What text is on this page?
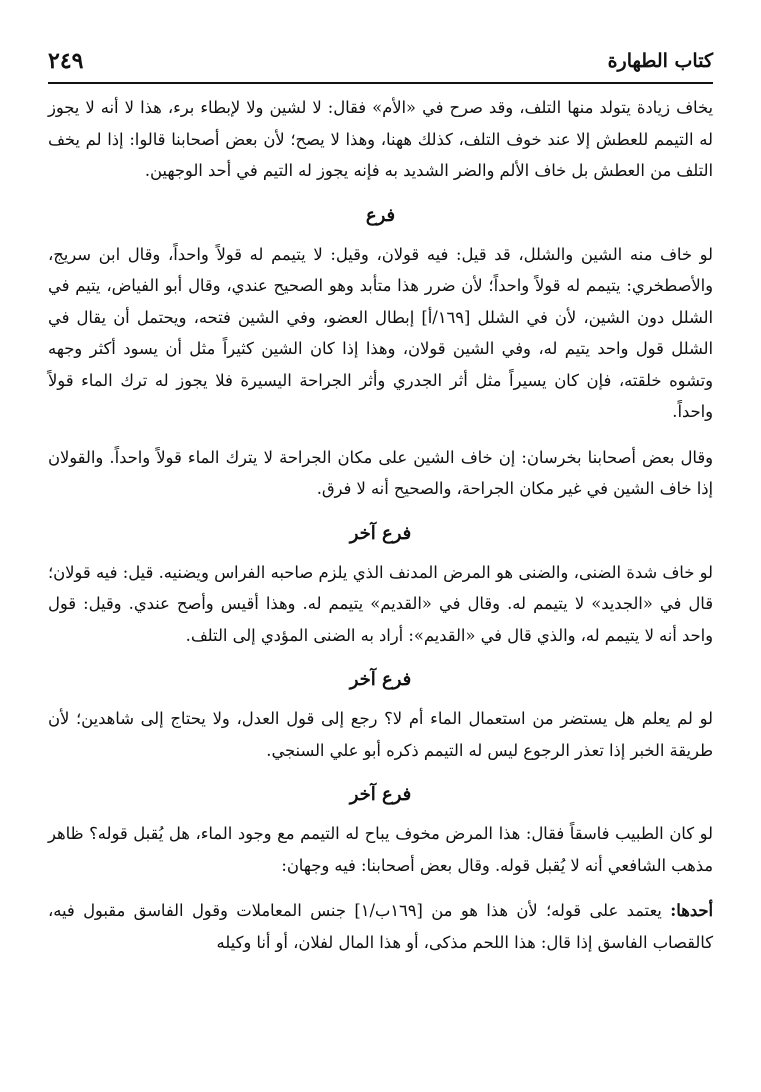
٢٤٩	كتاب الطهارة

يخاف زيادة يتولد منها التلف، وقد صرح في «الأم» فقال: لا لشين ولا لإبطاء برء، هذا لا أنه لا يجوز له التيمم للعطش إلا عند خوف التلف، كذلك ههنا، وهذا لا يصح؛ لأن بعض أصحابنا قالوا: إذا لم يخف التلف من العطش بل خاف الألم والضر الشديد به فإنه يجوز له التيم في أحد الوجهين.

فرع

لو خاف منه الشين والشلل، قد قيل: فيه قولان، وقيل: لا يتيمم له قولاً واحداً، وقال ابن سريج، والأصطخري: يتيمم له قولاً واحداً؛ لأن ضرر هذا متأبد وهو الصحيح عندي، وقال أبو الفياض، يتيم في الشلل دون الشين، لأن في الشلل [١٦٩/أ] إبطال العضو، وفي الشين فتحه، ويحتمل أن يقال في الشلل قول واحد يتيم له، وفي الشين قولان، وهذا إذا كان الشين كثيراً مثل أن يسود أكثر وجهه وتشوه خلقته، فإن كان يسيراً مثل أثر الجدري وأثر الجراحة اليسيرة فلا يجوز له ترك الماء قولاً واحداً.

وقال بعض أصحابنا بخرسان: إن خاف الشين على مكان الجراحة لا يترك الماء قولاً واحداً. والقولان إذا خاف الشين في غير مكان الجراحة، والصحيح أنه لا فرق.

فرع آخر

لو خاف شدة الضنى، والضنى هو المرض المدنف الذي يلزم صاحبه الفراس ويضنيه. قيل: فيه قولان؛ قال في «الجديد» لا يتيمم له. وقال في «القديم» يتيمم له. وهذا أقيس وأصح عندي. وقيل: قول واحد أنه لا يتيمم له، والذي قال في «القديم»: أراد به الضنى المؤدي إلى التلف.

فرع آخر

لو لم يعلم هل يستضر من استعمال الماء أم لا؟ رجع إلى قول العدل، ولا يحتاج إلى شاهدين؛ لأن طريقة الخبر إذا تعذر الرجوع ليس له التيمم ذكره أبو علي السنجي.

فرع آخر

لو كان الطبيب فاسقاً فقال: هذا المرض مخوف يباح له التيمم مع وجود الماء، هل يُقبل قوله؟ ظاهر مذهب الشافعي أنه لا يُقبل قوله. وقال بعض أصحابنا: فيه وجهان:

أحدها: يعتمد على قوله؛ لأن هذا هو من [١٦٩ب/١] جنس المعاملات وقول الفاسق مقبول فيه، كالقصاب الفاسق إذا قال: هذا اللحم مذكى، أو هذا المال لفلان، أو أنا وكيله
